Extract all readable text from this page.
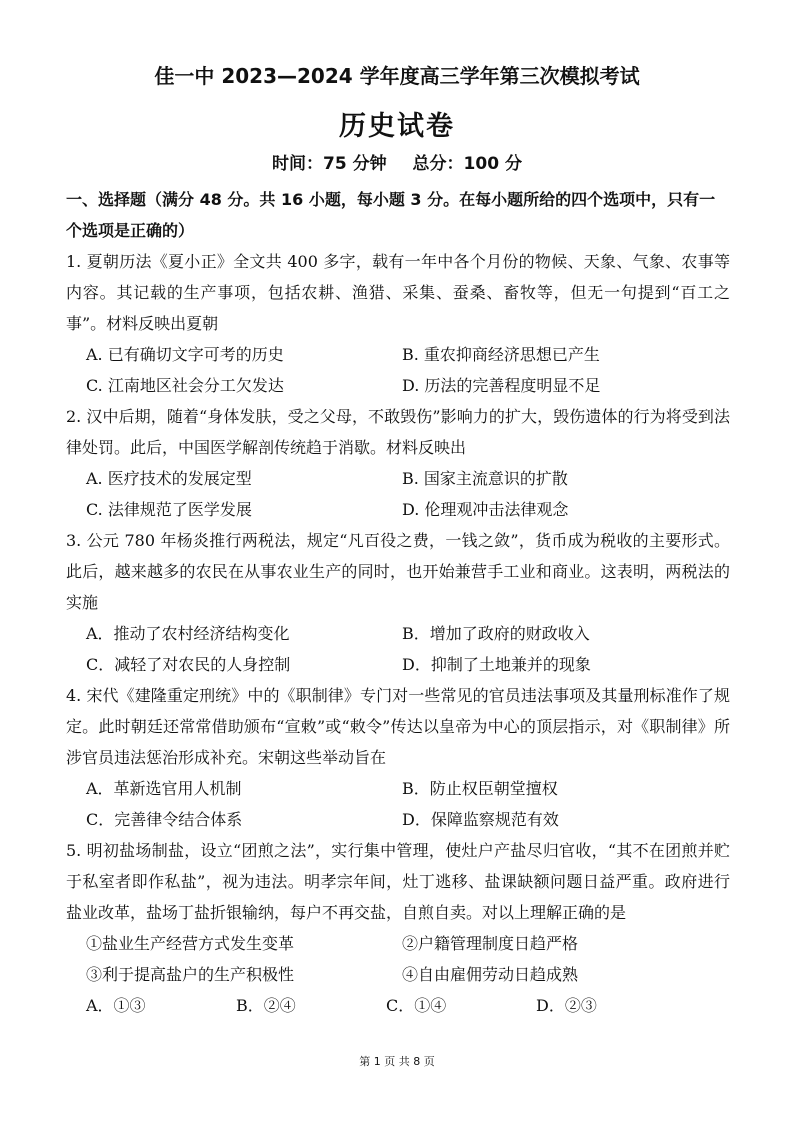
佳一中 2023—2024 学年度高三学年第三次模拟考试
历史试卷
时间：75 分钟 总分：100 分
一、选择题（满分 48 分。共 16 小题，每小题 3 分。在每小题所给的四个选项中，只有一个选项是正确的）
1. 夏朝历法《夏小正》全文共 400 多字，载有一年中各个月份的物候、天象、气象、农事等内容。其记载的生产事项，包括农耕、渔猎、采集、蚕桑、畜牧等，但无一句提到“百工之事”。材料反映出夏朝
A. 已有确切文字可考的历史	B. 重农抑商经济思想已产生
C. 江南地区社会分工欠发达	D. 历法的完善程度明显不足
2. 汉中后期，随着“身体发肤，受之父母，不敢毁伤”影响力的扩大，毁伤遗体的行为将受到法律处罚。此后，中国医学解剖传统趋于消歇。材料反映出
A. 医疗技术的发展定型	B. 国家主流意识的扩散
C. 法律规范了医学发展	D. 伦理观冲击法律观念
3. 公元 780 年杨炎推行两税法，规定“凡百役之费，一钱之敛”，货币成为税收的主要形式。此后，越来越多的农民在从事农业生产的同时，也开始兼营手工业和商业。这表明，两税法的实施
A．推动了农村经济结构变化	B．增加了政府的财政收入
C．减轻了对农民的人身控制	D．抑制了土地兼并的现象
4. 宋代《建隆重定刑统》中的《职制律》专门对一些常见的官员违法事项及其量刑标准作了规定。此时朝廷还常常借助颁布“宣敕”或“敕令”传达以皇帝为中心的顶层指示，对《职制律》所涉官员违法惩治形成补充。宋朝这些举动旨在
A．革新选官用人机制	B．防止权臣朝堂擅权
C．完善律令结合体系	D．保障监察规范有效
5. 明初盐场制盐，设立“团煎之法”，实行集中管理，使灶户产盐尽归官收，“其不在团煎并贮于私室者即作私盐”，视为违法。明孝宗年间，灶丁逃移、盐课缺额问题日益严重。政府进行盐业改革，盐场丁盐折银输纳，每户不再交盐，自煎自卖。对以上理解正确的是
①盐业生产经营方式发生变革	②户籍管理制度日趋严格
③利于提高盐户的生产积极性	④自由雇佣劳动日趋成熟
A．①③	B．②④	C．①④	D．②③
第 1 页 共 8 页
